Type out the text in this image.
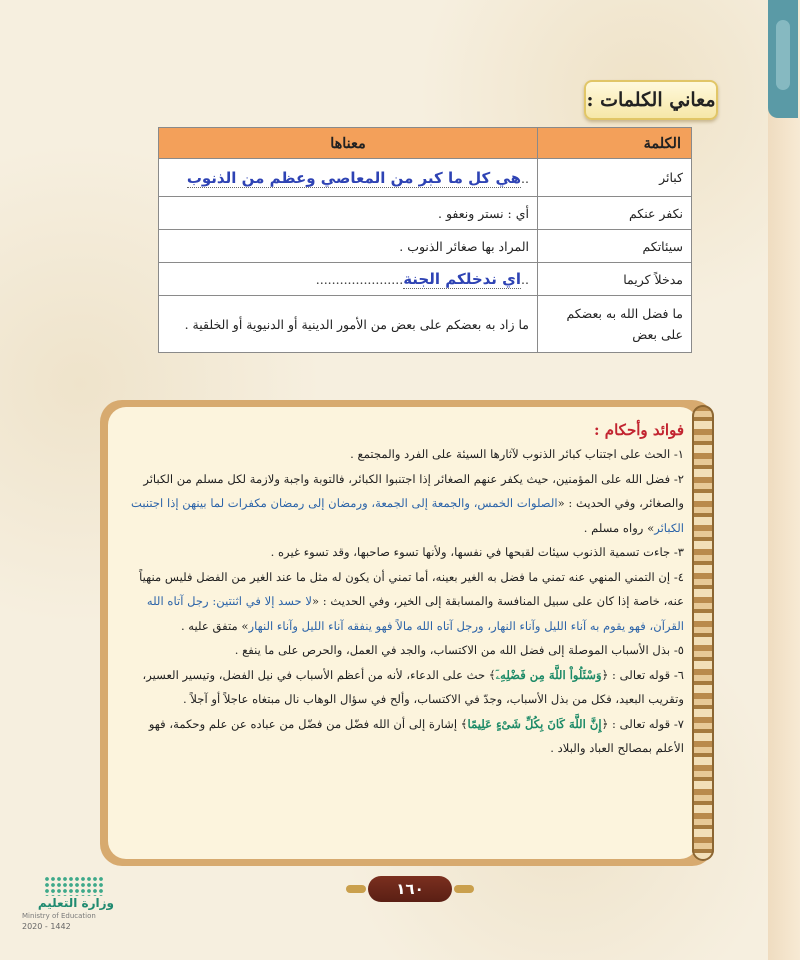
معاني الكلمات :
الكلمة	معناها
كبائر	..هي كل ما كبر من المعاصي وعظم من الذنوب
نكفر عنكم	أي : نستر ونعفو .
سيئاتكم	المراد بها صغائر الذنوب .
مدخلاً كريما	..اي ندخلكم الجنة......................
ما فضل الله به بعضكم على بعض	ما زاد به بعضكم على بعض من الأمور الدينية أو الدنيوية أو الخلقية .
فوائد وأحكام :

١- الحث على اجتناب كبائر الذنوب لآثارها السيئة على الفرد والمجتمع .

٢- فضل الله على المؤمنين، حيث يكفر عنهم الصغائر إذا اجتنبوا الكبائر، فالتوبة واجبة ولازمة لكل مسلم من الكبائر والصغائر، وفي الحديث : «الصلوات الخمس، والجمعة إلى الجمعة، ورمضان إلى رمضان مكفرات لما بينهن إذا اجتنبت الكبائر» رواه مسلم .

٣- جاءت تسمية الذنوب سيئات لقبحها في نفسها، ولأنها تسوء صاحبها، وقد تسوء غيره .

٤- إن التمني المنهي عنه تمني ما فضل به الغير بعينه، أما تمني أن يكون له مثل ما عند الغير من الفضل فليس منهياً عنه، خاصة إذا كان على سبيل المنافسة والمسابقة إلى الخير، وفي الحديث : «لا حسد إلا في اثنتين: رجل آتاه الله القرآن، فهو يقوم به آناء الليل وآناء النهار، ورجل آتاه الله مالاً فهو ينفقه آناء الليل وآناء النهار» متفق عليه .

٥- بذل الأسباب الموصلة إلى فضل الله من الاكتساب، والجد في العمل، والحرص على ما ينفع .

٦- قوله تعالى : ﴿وَسْئَلُواْ اللَّهَ مِن فَضْلِهِۦٓ﴾ حث على الدعاء، لأنه من أعظم الأسباب في نيل الفضل، وتيسير العسير، وتقريب البعيد، فكل من بذل الأسباب، وجدّ في الاكتساب، وألح في سؤال الوهاب نال مبتغاه عاجلاً أو آجلاً .

٧- قوله تعالى : ﴿إِنَّ اللَّهَ كَانَ بِكُلِّ شَىْءٍ عَلِيمًا﴾ إشارة إلى أن الله فضّل من فضّل من عباده عن علم وحكمة، فهو الأعلم بمصالح العباد والبلاد .

١٦٠
وزارة التعليم
Ministry of Education
2020 - 1442
